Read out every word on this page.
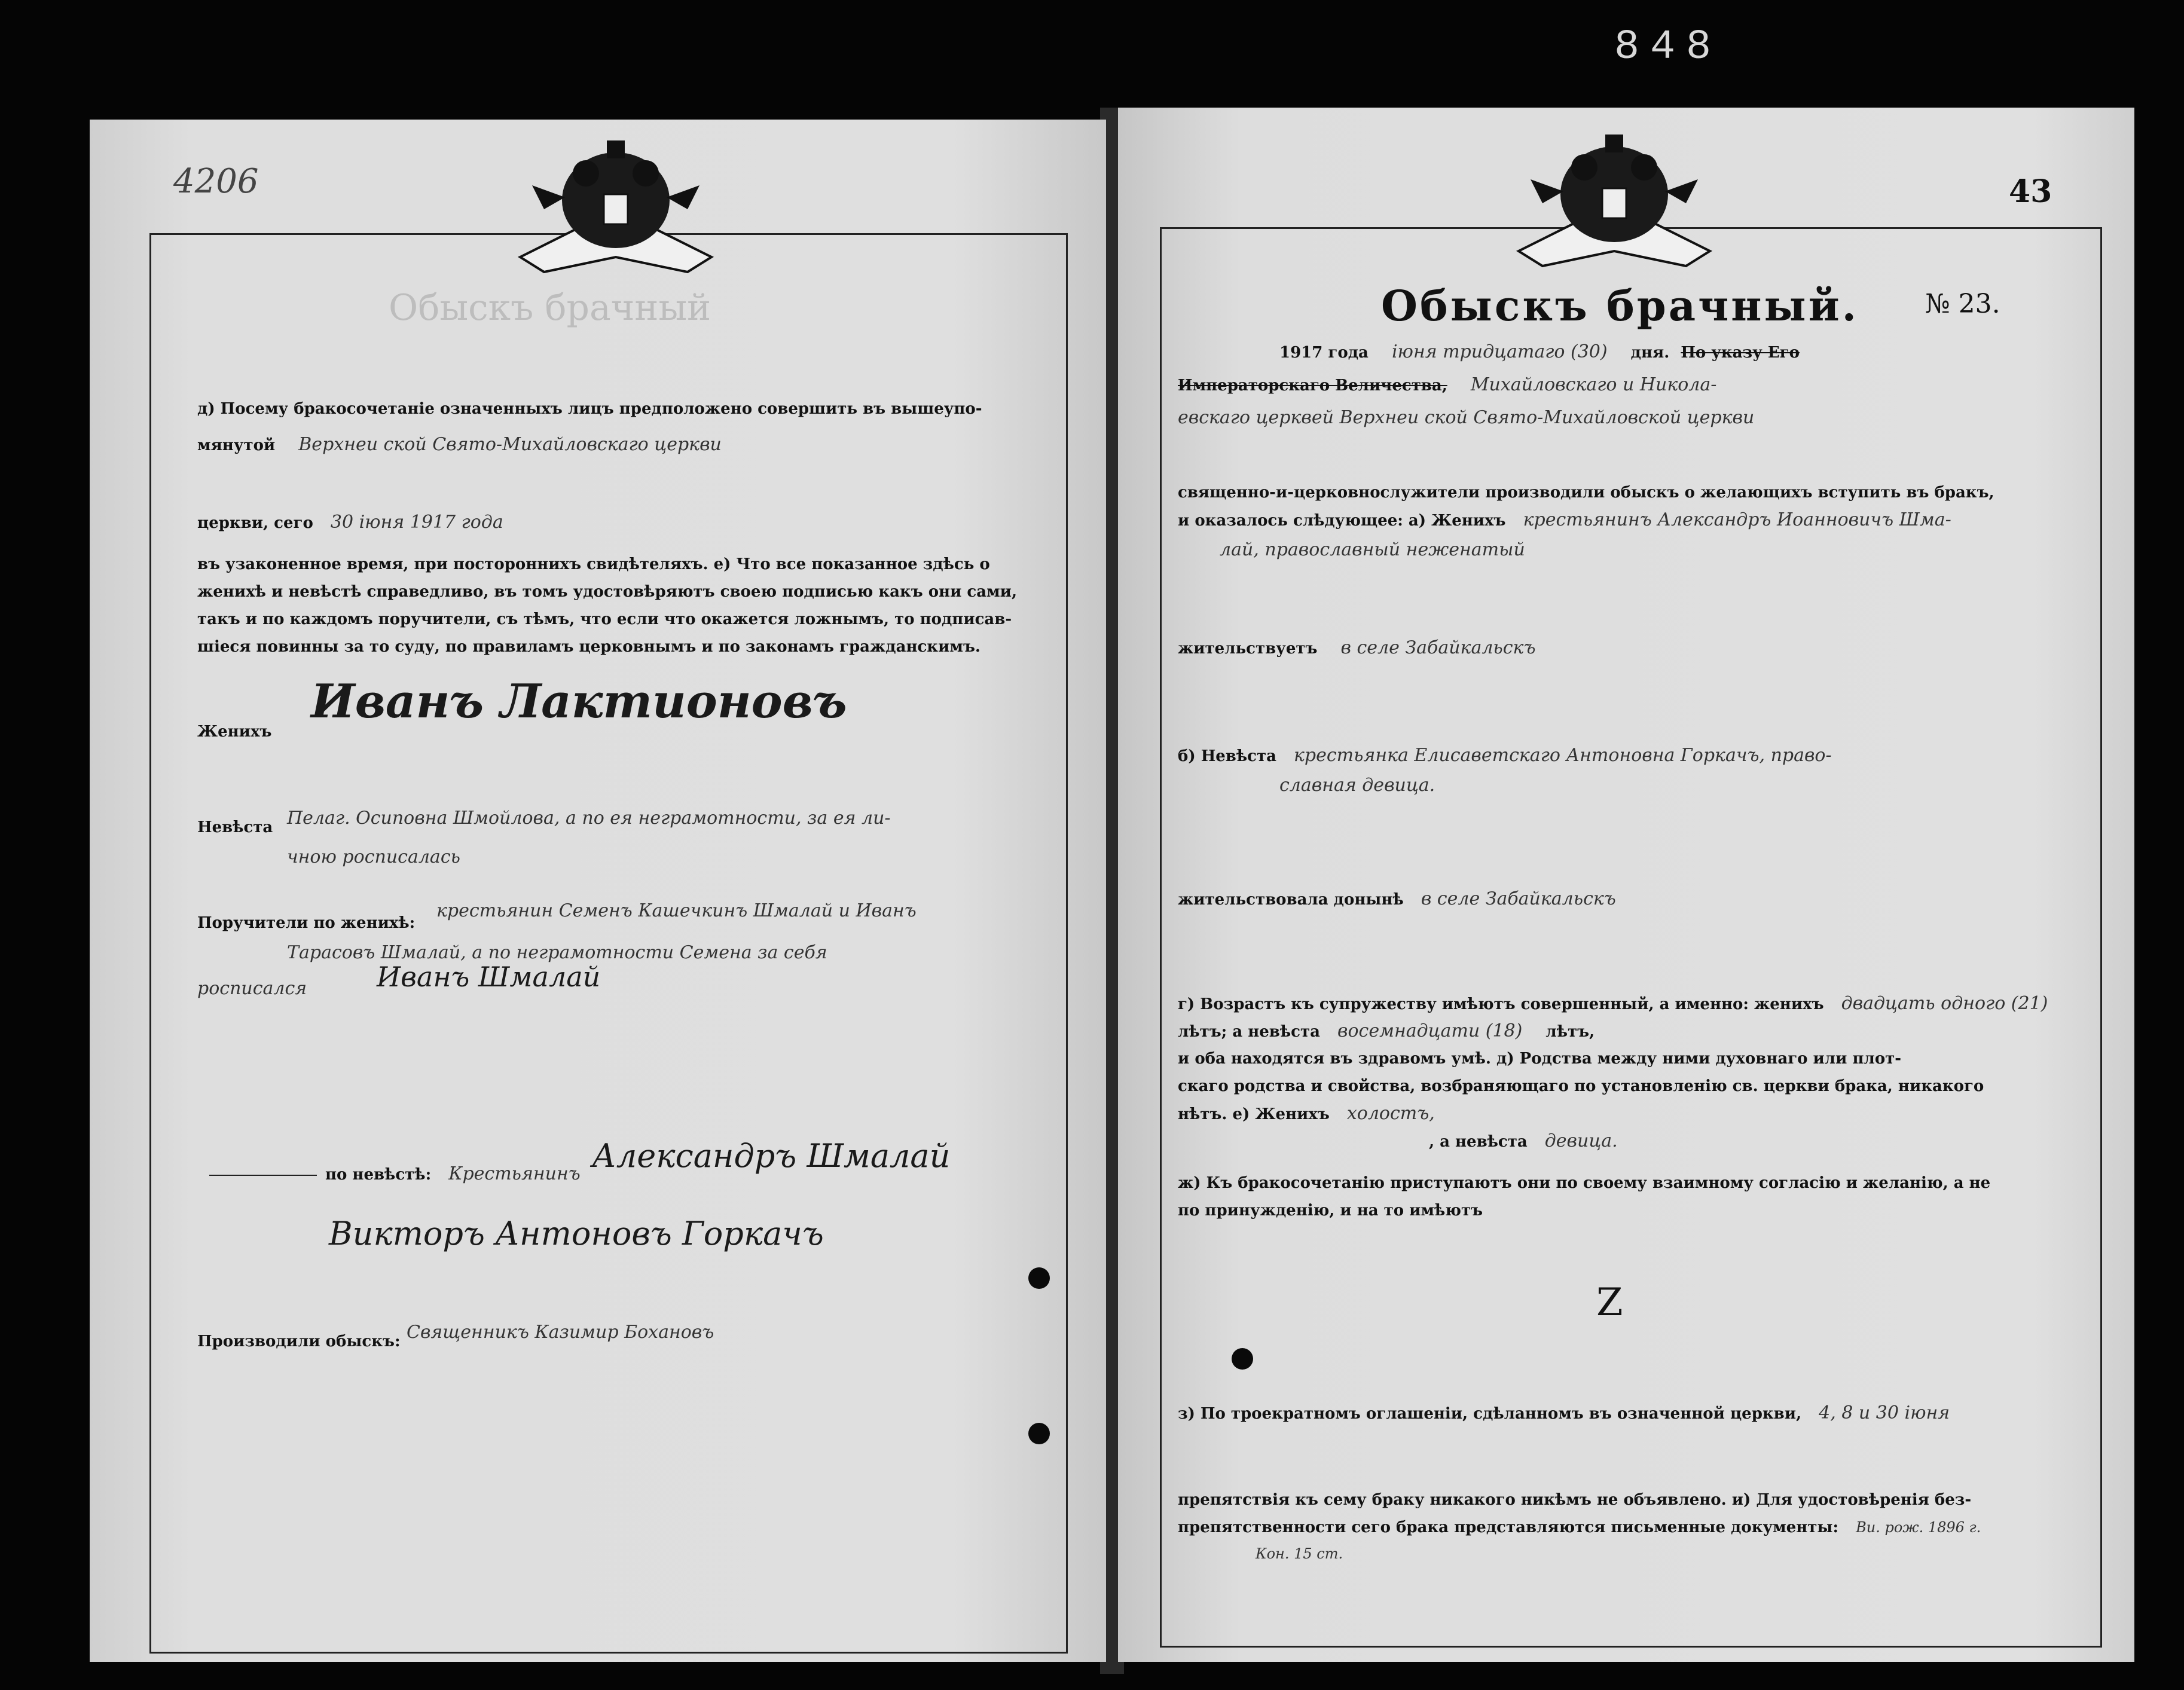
848
4206
Обыскъ брачный
д) Посему бракосочетанiе означенныхъ лицъ предположено совершить въ вышеупо-
мянутой Верхнеи ской Свято-Михайловскаго церкви
церкви, сего 30 iюня 1917 года
въ узаконенное время, при постороннихъ свидѣтеляхъ. е) Что все показанное здѣсь о
женихѣ и невѣстѣ справедливо, въ томъ удостовѣряютъ своею подписью какъ они сами,
такъ и по каждомъ поручители, съ тѣмъ, что если что окажется ложнымъ, то подписав-
шiеся повинны за то суду, по правиламъ церковнымъ и по законамъ гражданскимъ.
Женихъ
Иванъ Лактионовъ
Невѣста Пелаг. Осиповна Шмойлова, а по ея неграмотности, за ея ли-
чною росписалась
Поручители по женихѣ:
крестьянин Семенъ Кашечкинъ Шмалай и Иванъ
Тарасовъ Шмалай, а по неграмотности Семена за себя
росписался	Иванъ Шмалай
по невѣстѣ: Крестьянинъ Александръ Шмалай
Викторъ Антоновъ Горкачъ
Производили обыскъ: Священникъ Казимир Бохановъ
43
Обыскъ брачный.	№ 23.
1917 года iюня тридцатаго (30) дня. По указу Его
Императорскаго Величества, Михайловскаго и Никола-
евскаго церквей Верхнеи ской Свято-Михайловской церкви
священно-и-церковнослужители производили обыскъ о желающихъ вступить въ бракъ,
и оказалось слѣдующее: а) Женихъ крестьянинъ Александръ Иоанновичъ Шма-
лай, православный неженатый
жительствуетъ в селе Забайкальскъ
б) Невѣста крестьянка Елисаветскаго Антоновна Горкачъ, право-
славная девица.
жительствовала донынѣ в селе Забайкальскъ
г) Возрастъ къ супружеству имѣютъ совершенный, а именно: женихъ двадцать одного (21)
лѣтъ; а невѣста восемнадцати (18) лѣтъ,
и оба находятся въ здравомъ умѣ. д) Родства между ними духовнаго или плот-
скаго родства и свойства, возбраняющаго по установленiю св. церкви брака, никакого
нѣтъ. е) Женихъ холостъ,
, а невѣста девица.
ж) Къ бракосочетанiю приступаютъ они по своему взаимному согласiю и желанiю, а не
по принужденiю, и на то имѣютъ
Z
з) По троекратномъ оглашенiи, сдѣланномъ въ означенной церкви, 4, 8 и 30 iюня
препятствiя къ сему браку никакого никѣмъ не объявлено. и) Для удостовѣренiя без-
препятственности сего брака представляются письменные документы: Ви. рож. 1896 г.
Кон. 15 ст.
